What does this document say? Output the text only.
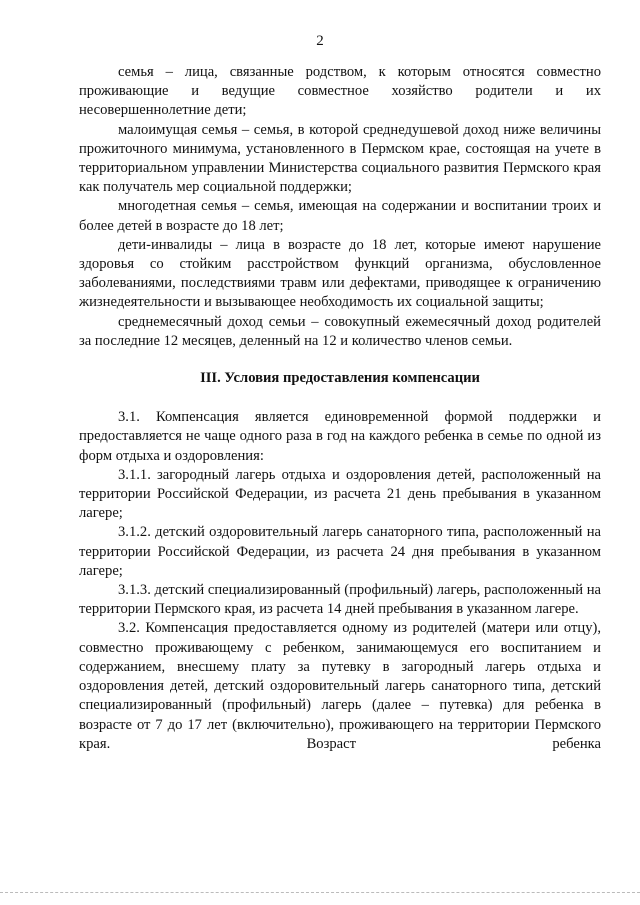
2

семья – лица, связанные родством, к которым относятся совместно проживающие и ведущие совместное хозяйство родители и их несовершеннолетние дети;

малоимущая семья – семья, в которой среднедушевой доход ниже величины прожиточного минимума, установленного в Пермском крае, состоящая на учете в территориальном управлении Министерства социального развития Пермского края как получатель мер социальной поддержки;

многодетная семья – семья, имеющая на содержании и воспитании троих и более детей в возрасте до 18 лет;

дети-инвалиды – лица в возрасте до 18 лет, которые имеют нарушение здоровья со стойким расстройством функций организма, обусловленное заболеваниями, последствиями травм или дефектами, приводящее к ограничению жизнедеятельности и вызывающее необходимость их социальной защиты;

среднемесячный доход семьи – совокупный ежемесячный доход родителей за последние 12 месяцев, деленный на 12 и количество членов семьи.

III. Условия предоставления компенсации

3.1. Компенсация является единовременной формой поддержки и предоставляется не чаще одного раза в год на каждого ребенка в семье по одной из форм отдыха и оздоровления:

3.1.1. загородный лагерь отдыха и оздоровления детей, расположенный на территории Российской Федерации, из расчета 21 день пребывания в указанном лагере;

3.1.2. детский оздоровительный лагерь санаторного типа, расположенный на территории Российской Федерации, из расчета 24 дня пребывания в указанном лагере;

3.1.3. детский специализированный (профильный) лагерь, расположенный на территории Пермского края, из расчета 14 дней пребывания в указанном лагере.

3.2. Компенсация предоставляется одному из родителей (матери или отцу), совместно проживающему с ребенком, занимающемуся его воспитанием и содержанием, внесшему плату за путевку в загородный лагерь отдыха и оздоровления детей, детский оздоровительный лагерь санаторного типа, детский специализированный (профильный) лагерь (далее – путевка) для ребенка в возрасте от 7 до 17 лет (включительно), проживающего на территории Пермского края. Возраст ребенка
